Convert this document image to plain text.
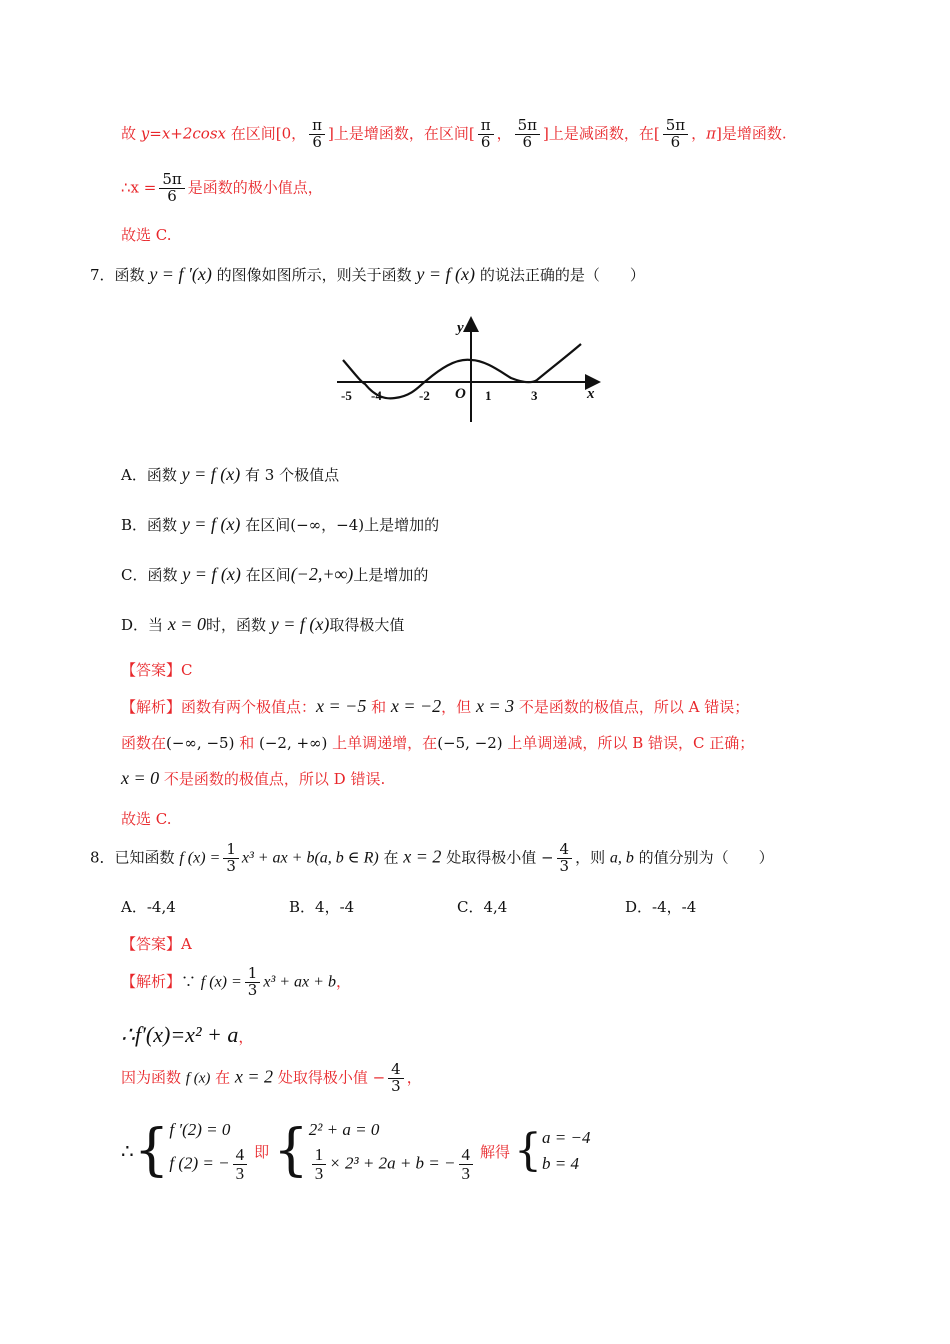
故 y=x+2cosx 在区间[0， $\frac{\pi}{6}$ ]上是增函数，在区间[ $\frac{\pi}{6}$ ， $\frac{5\pi}{6}$ ]上是减函数，在[ $\frac{5\pi}{6}$ ，π]是增函数.
∴x = $\frac{5\pi}{6}$ 是函数的极小值点，
故选 C.
7．函数 y = f ′(x) 的图像如图所示，则关于函数 y = f (x) 的说法正确的是（　　）
y
x
O
-5 -4	-2	1	3
A．函数 y = f (x) 有 3 个极值点
B．函数 y = f (x) 在区间(−∞，−4)上是增加的
C．函数 y = f (x) 在区间(−2,+∞)上是增加的
D．当 x = 0时，函数 y = f (x)取得极大值
【答案】C
【解析】函数有两个极值点：x = −5 和 x = −2，但 x = 3 不是函数的极值点，所以 A 错误；
函数在(−∞, −5) 和 (−2, +∞) 上单调递增，在(−5, −2) 上单调递减，所以 B 错误，C 正确；
x = 0 不是函数的极值点，所以 D 错误.
故选 C.
8．已知函数 f $(x) = \frac{1}{3} x^3$ + ax + b(a, b ∈ R) 在 x = 2 处取得极小值 − $\frac{4}{3}$ ，则 a, b 的值分别为（　　）
A．-4,4	B．4，-4	C．4,4	D．-4，-4
【答案】A
【解析】∵ f $(x) = \frac{1}{3} x^3$ + ax + b，
∴f′(x)=x² + a，
因为函数 f (x) 在 x = 2 处取得极小值 − $\frac{4}{3}$ ，
∴ { f ′(2) = 0
f (2) = − $\frac{4}{3}$ 即 { 2² + a = 0
$\frac{1}{3} \times 2^3 + 2a + b$ = − $\frac{4}{3}$ 解得 { a = −4
b = 4
